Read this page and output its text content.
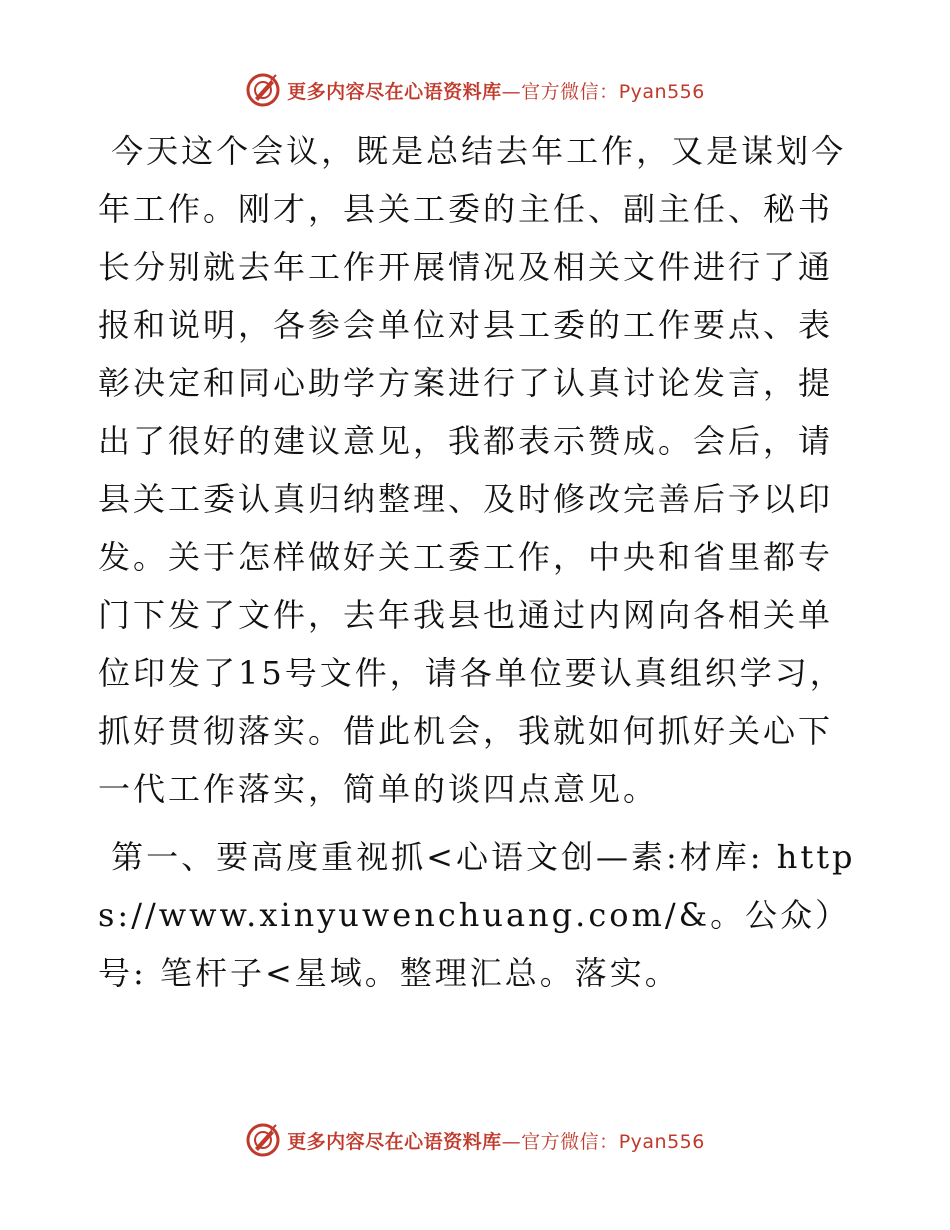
更多内容尽在心语资料库—官方微信：Pyan556

今天这个会议，既是总结去年工作，又是谋划今年工作。刚才，县关工委的主任、副主任、秘书长分别就去年工作开展情况及相关文件进行了通报和说明，各参会单位对县工委的工作要点、表彰决定和同心助学方案进行了认真讨论发言，提出了很好的建议意见，我都表示赞成。会后，请县关工委认真归纳整理、及时修改完善后予以印发。关于怎样做好关工委工作，中央和省里都专门下发了文件，去年我县也通过内网向各相关单位印发了15号文件，请各单位要认真组织学习，抓好贯彻落实。借此机会，我就如何抓好关心下一代工作落实，简单的谈四点意见。

第一、要高度重视抓<心语文创—素:材库: https://www.xinyuwenchuang.com/&。公众）号: 笔杆子<星域。整理汇总。落实。

更多内容尽在心语资料库—官方微信：Pyan556
